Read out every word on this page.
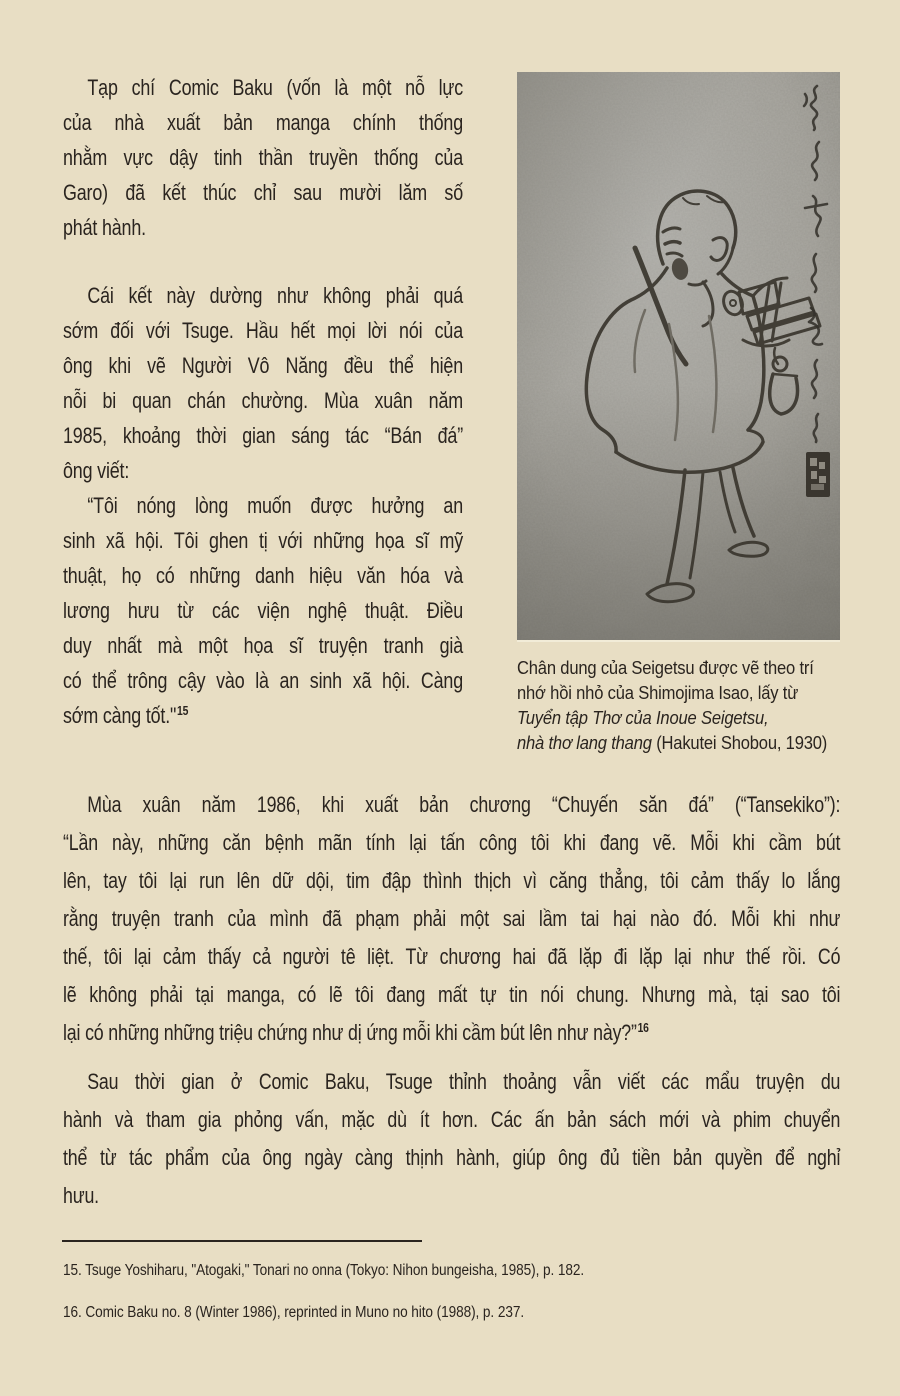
Tạp chí Comic Baku (vốn là một nỗ lực
của nhà xuất bản manga chính thống
nhằm vực dậy tinh thần truyền thống của
Garo) đã kết thúc chỉ sau mười lăm số
phát hành.
Cái kết này dường như không phải quá
sớm đối với Tsuge. Hầu hết mọi lời nói của
ông khi vẽ Người Vô Năng đều thể hiện
nỗi bi quan chán chường. Mùa xuân năm
1985, khoảng thời gian sáng tác “Bán đá”
ông viết:
“Tôi nóng lòng muốn được hưởng an
sinh xã hội. Tôi ghen tị với những họa sĩ mỹ
thuật, họ có những danh hiệu văn hóa và
lương hưu từ các viện nghệ thuật. Điều
duy nhất mà một họa sĩ truyện tranh già
có thể trông cậy vào là an sinh xã hội. Càng
sớm càng tốt."$^{15}$
Chân dung của Seigetsu được vẽ theo trí
nhớ hồi nhỏ của Shimojima Isao, lấy từ
Tuyển tập Thơ của Inoue Seigetsu,
nhà thơ lang thang (Hakutei Shobou, 1930)
Mùa xuân năm 1986, khi xuất bản chương “Chuyến săn đá” (“Tansekiko”):
“Lần này, những căn bệnh mãn tính lại tấn công tôi khi đang vẽ. Mỗi khi cầm bút
lên, tay tôi lại run lên dữ dội, tim đập thình thịch vì căng thẳng, tôi cảm thấy lo lắng
rằng truyện tranh của mình đã phạm phải một sai lầm tai hại nào đó. Mỗi khi như
thế, tôi lại cảm thấy cả người tê liệt. Từ chương hai đã lặp đi lặp lại như thế rồi. Có
lẽ không phải tại manga, có lẽ tôi đang mất tự tin nói chung. Nhưng mà, tại sao tôi
lại có những những triệu chứng như dị ứng mỗi khi cầm bút lên như này?”$^{16}$
Sau thời gian ở Comic Baku, Tsuge thỉnh thoảng vẫn viết các mẩu truyện du
hành và tham gia phỏng vấn, mặc dù ít hơn. Các ấn bản sách mới và phim chuyển
thể từ tác phẩm của ông ngày càng thịnh hành, giúp ông đủ tiền bản quyền để nghỉ
hưu.
15. Tsuge Yoshiharu, "Atogaki," Tonari no onna (Tokyo: Nihon bungeisha, 1985), p. 182.
16. Comic Baku no. 8 (Winter 1986), reprinted in Muno no hito (1988), p. 237.
